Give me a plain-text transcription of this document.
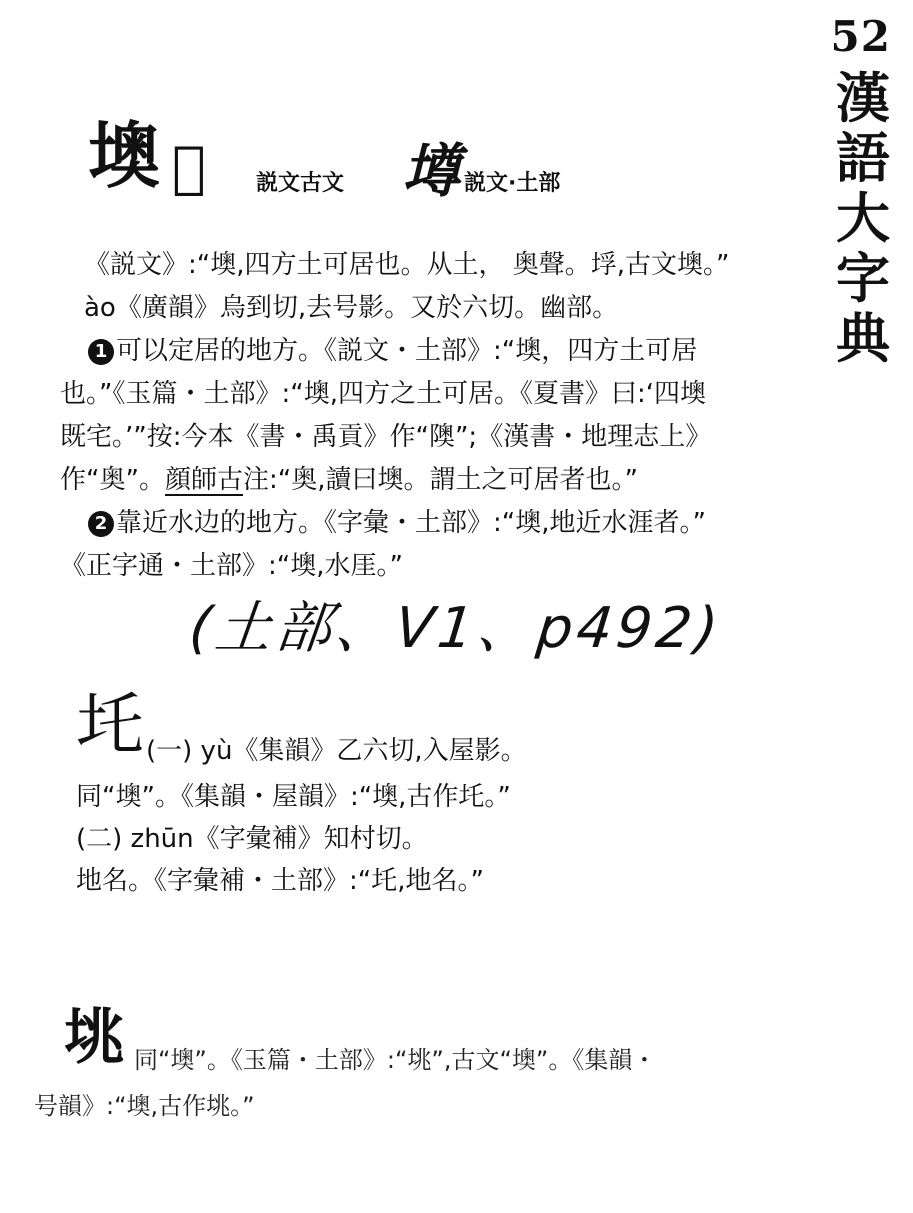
52
漢
語
大
字
典
墺 𡋟 説文古文 壿 説文·土部
《説文》:“墺,四方土可居也。从土， 奥聲。垺,古文墺。”
ào《廣韻》烏到切,去号影。又於六切。幽部。
1 可以定居的地方。《説文・土部》:“墺，四方土可居
也。”《玉篇・土部》:“墺,四方之土可居。《夏書》曰:‘四墺
既宅。’”按:今本《書・禹貢》作“隩”;《漢書・地理志上》
作“奥”。顔師古注:“奥,讀曰墺。謂土之可居者也。”
2 靠近水边的地方。《字彙・土部》:“墺,地近水涯者。”
《正字通・土部》:“墺,水厓。”
(土部、V1、p492)
圫 (一) yù《集韻》乙六切,入屋影。
同“墺”。《集韻・屋韻》:“墺,古作圫。”
(二) zhūn《字彙補》知村切。
地名。《字彙補・土部》:“圫,地名。”
垗 同“墺”。《玉篇・土部》:“垗”,古文“墺”。《集韻・
号韻》:“墺,古作垗。”
